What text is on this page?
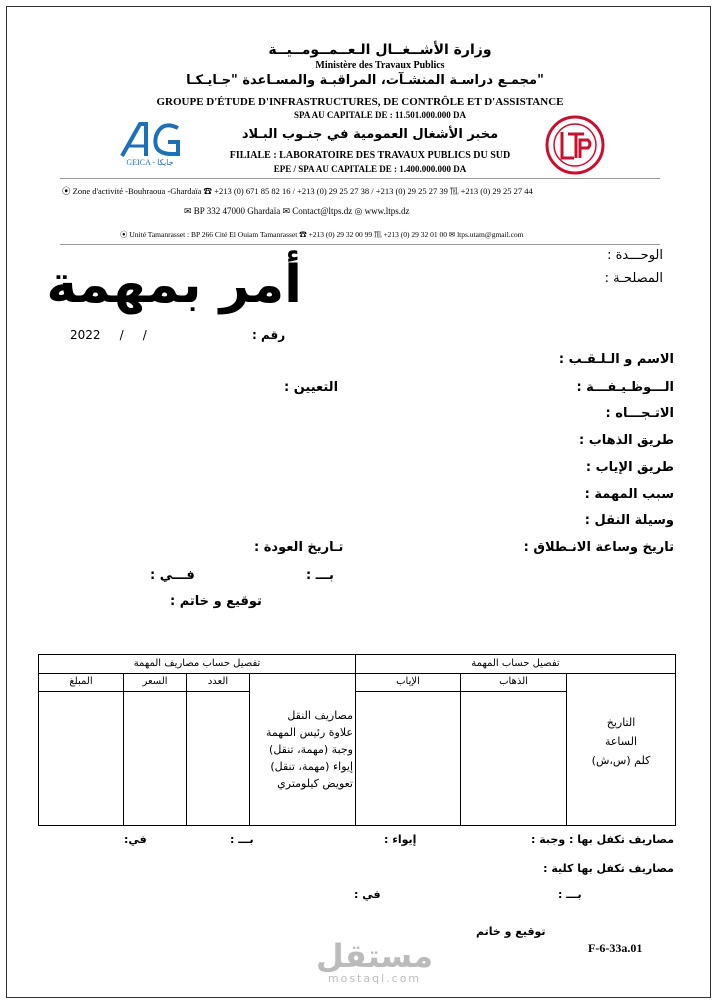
وزارة الأشــغــال الـعــمــومــيــة
Ministère des Travaux Publics
مجمـع دراسـة المنشـآت، المراقبـة والمسـاعدة "جـايـكـا"
GROUPE D'ÉTUDE D'INFRASTRUCTURES, DE CONTRÔLE ET D'ASSISTANCE
SPA AU CAPITALE DE : 11.501.000.000 DA
مخبر الأشغال العمومية في جنـوب البـلاد
FILIALE : LABORATOIRE DES TRAVAUX PUBLICS DU SUD
EPE / SPA AU CAPITALE DE : 1.400.000.000 DA
GEICA - جايكا
⦿ Zone d'activité -Bouhraoua -Ghardaïa ☎ +213 (0) 671 85 82 16 / +213 (0) 29 25 27 38 / +213 (0) 29 25 27 39 ℡ +213 (0) 29 25 27 44
✉ BP 332 47000 Ghardaïa ✉ Contact@ltps.dz ◎ www.ltps.dz
⦿ Unité Tamanrasset : BP 266 Cité El Ouiam Tamanrasset ☎ +213 (0) 29 32 00 99 ℡ +213 (0) 29 32 01 00 ✉ ltps.utam@gmail.com
أمر بمهمة	الوحـــدة :
المصلحـة :
رقم :
2022     /     /
الاسم و الـلـقـب :
الـــوظـيـفـــة :
التعيين :
الاتـجـــاه :
طريق الذهاب :
طريق الإياب :
سبب المهمة :
وسيلة النقل :
تاريخ وساعة الانـطلاق :
تـاريخ العودة :
بـــ :
فـــي :
توقيع و خاتم :
تفصيل حساب مصاريف المهمة	تفصيل حساب المهمة
المبلغ	السعر	العدد	الإياب	الذهاب
مصاريف النقل
علاوة رئيس المهمة
وجبة (مهمة، تنقل)
إيواء (مهمة، تنقل)
تعويض كيلومتري
التاريخ
الساعة
كلم (س،ش)
مصاريف تكفل بها : وجبة :
إيواء :
بـــ :
في:
مصاريف تكفل بها كلية :
بـــ :
في :
توقيع و خاتم
F-6-33a.01
مستقل
mostaql.com
